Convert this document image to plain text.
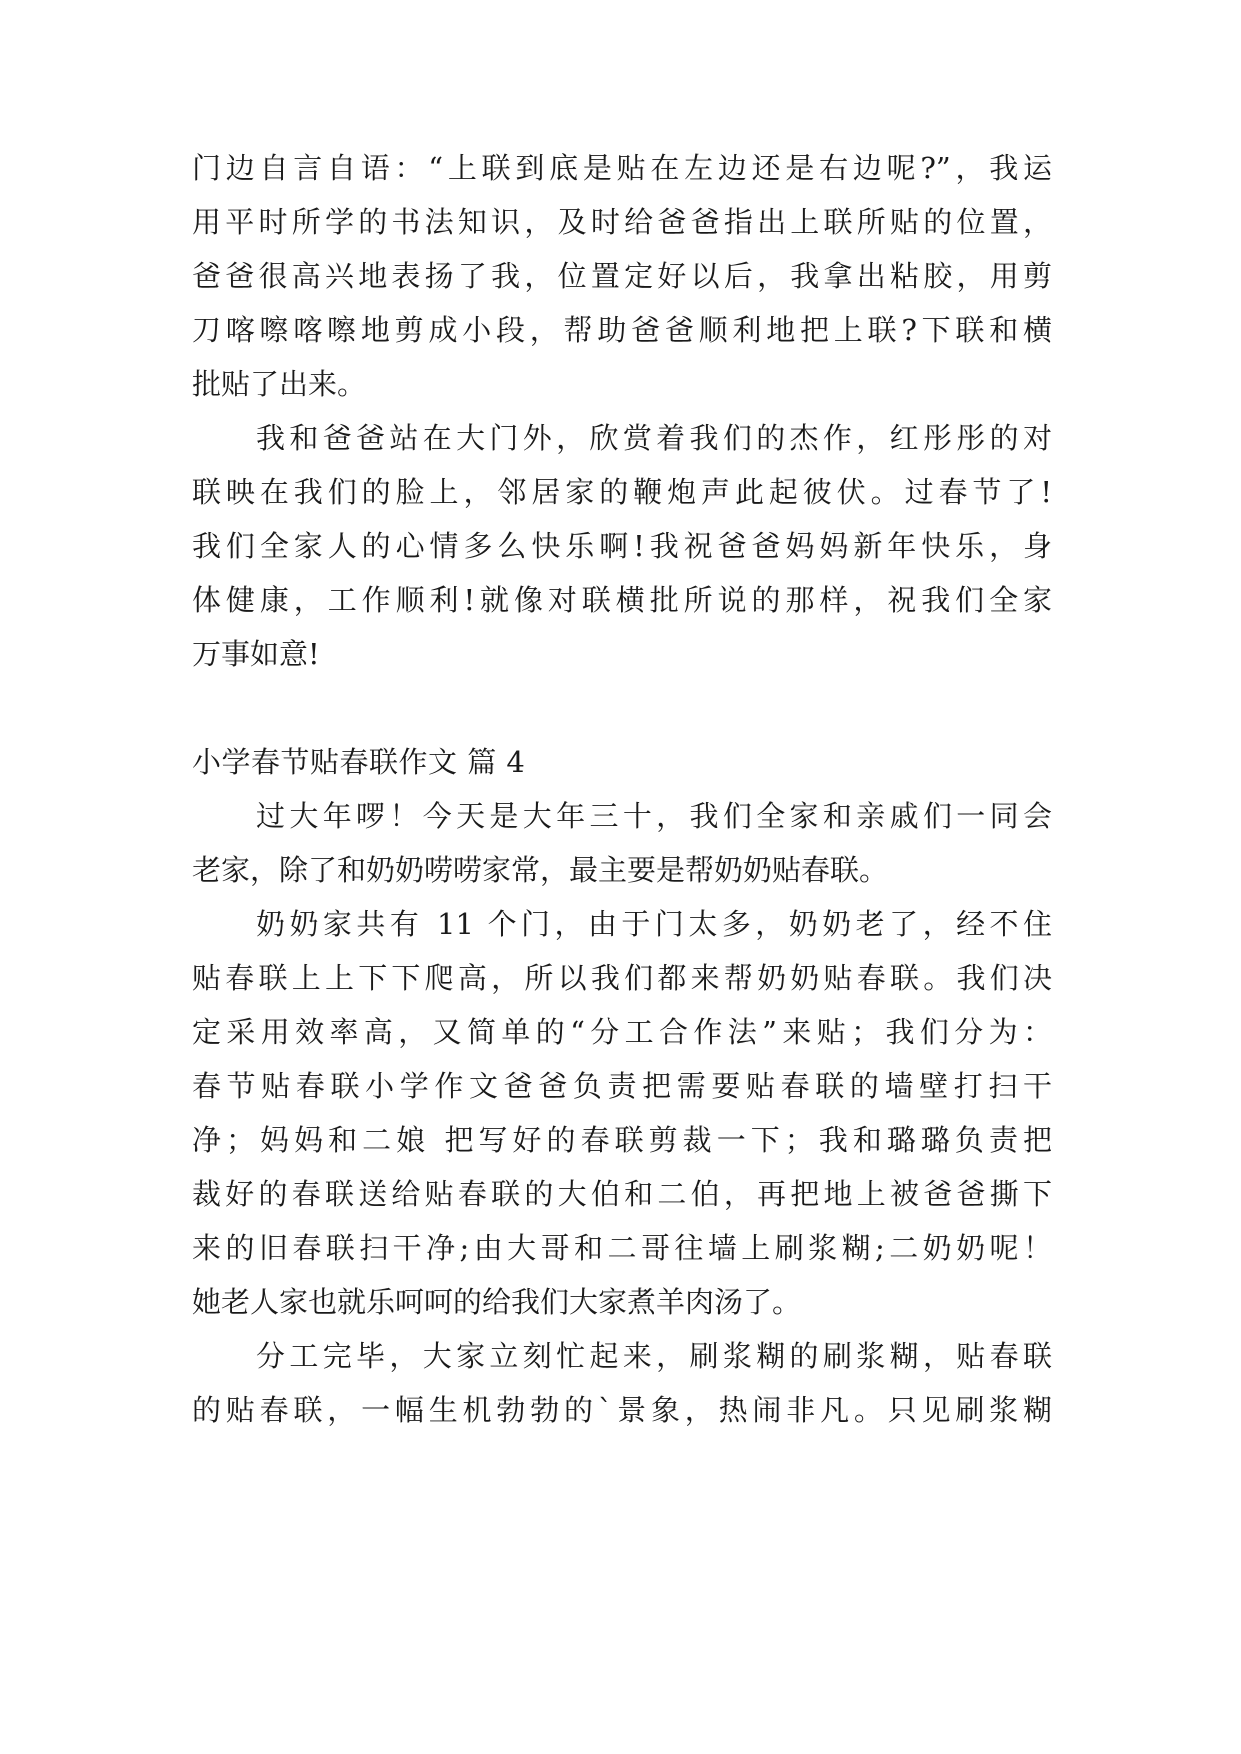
门边自言自语：“上联到底是贴在左边还是右边呢?”，我运
用平时所学的书法知识，及时给爸爸指出上联所贴的位置，
爸爸很高兴地表扬了我，位置定好以后，我拿出粘胶，用剪
刀喀嚓喀嚓地剪成小段，帮助爸爸顺利地把上联?下联和横
批贴了出来。
我和爸爸站在大门外，欣赏着我们的杰作，红彤彤的对
联映在我们的脸上，邻居家的鞭炮声此起彼伏。过春节了!
我们全家人的心情多么快乐啊!我祝爸爸妈妈新年快乐，身
体健康，工作顺利!就像对联横批所说的那样，祝我们全家
万事如意!
小学春节贴春联作文 篇 4
过大年啰！今天是大年三十，我们全家和亲戚们一同会
老家，除了和奶奶唠唠家常，最主要是帮奶奶贴春联。
奶奶家共有 11 个门，由于门太多，奶奶老了，经不住
贴春联上上下下爬高，所以我们都来帮奶奶贴春联。我们决
定采用效率高，又简单的“分工合作法”来贴；我们分为：
春节贴春联小学作文爸爸负责把需要贴春联的墙壁打扫干
净；妈妈和二娘 把写好的春联剪裁一下；我和璐璐负责把
裁好的春联送给贴春联的大伯和二伯，再把地上被爸爸撕下
来的旧春联扫干净;由大哥和二哥往墙上刷浆糊;二奶奶呢！
她老人家也就乐呵呵的给我们大家煮羊肉汤了。
分工完毕，大家立刻忙起来，刷浆糊的刷浆糊，贴春联
的贴春联，一幅生机勃勃的`景象，热闹非凡。只见刷浆糊
